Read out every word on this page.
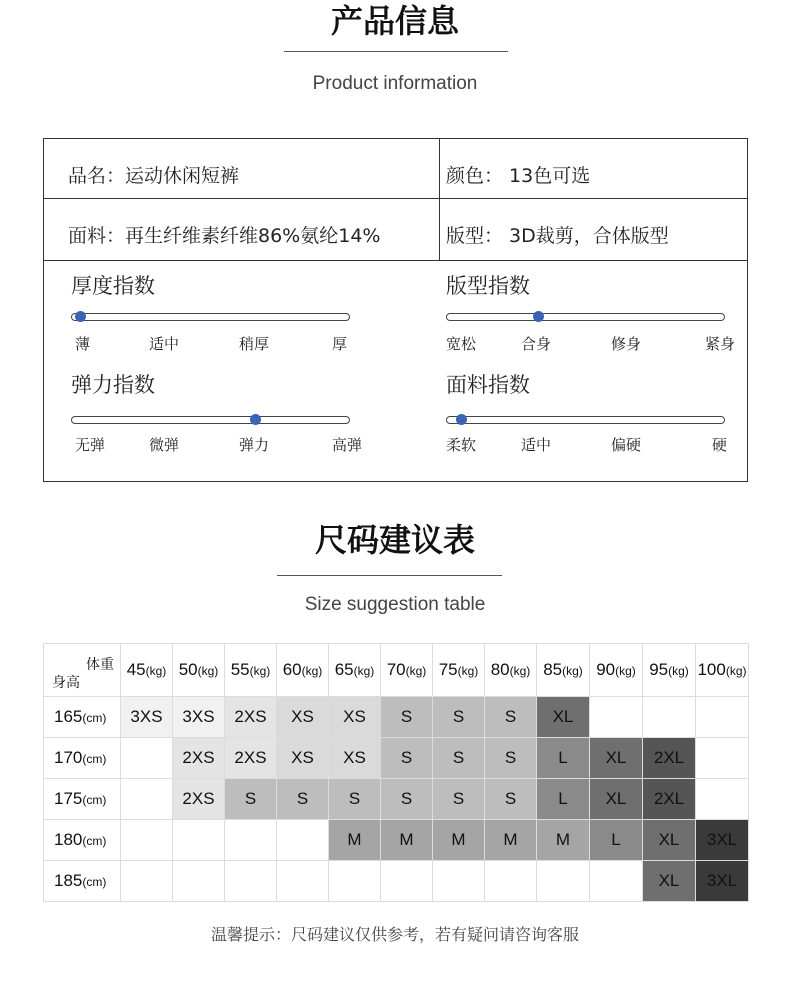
产品信息
Product information
品名：运动休闲短裤	颜色： 13色可选
面料：再生纤维素纤维86%氨纶14%	版型： 3D裁剪，合体版型
厚度指数
薄	适中	稍厚	厚
版型指数
宽松	合身	修身	紧身
弹力指数
无弹	微弹	弹力	高弹
面料指数
柔软	适中	偏硬	硬
尺码建议表
Size suggestion table
体重
身高	45(kg)	50(kg)	55(kg)	60(kg)	65(kg)	70(kg)	75(kg)	80(kg)	85(kg)	90(kg)	95(kg)	100(kg)
165(cm)	3XS	3XS	2XS	XS	XS	S	S	S	XL			
170(cm)		2XS	2XS	XS	XS	S	S	S	L	XL	2XL	
175(cm)		2XS	S	S	S	S	S	S	L	XL	2XL	
180(cm)					M	M	M	M	M	L	XL	3XL
185(cm)											XL	3XL
温馨提示：尺码建议仅供参考，若有疑问请咨询客服
